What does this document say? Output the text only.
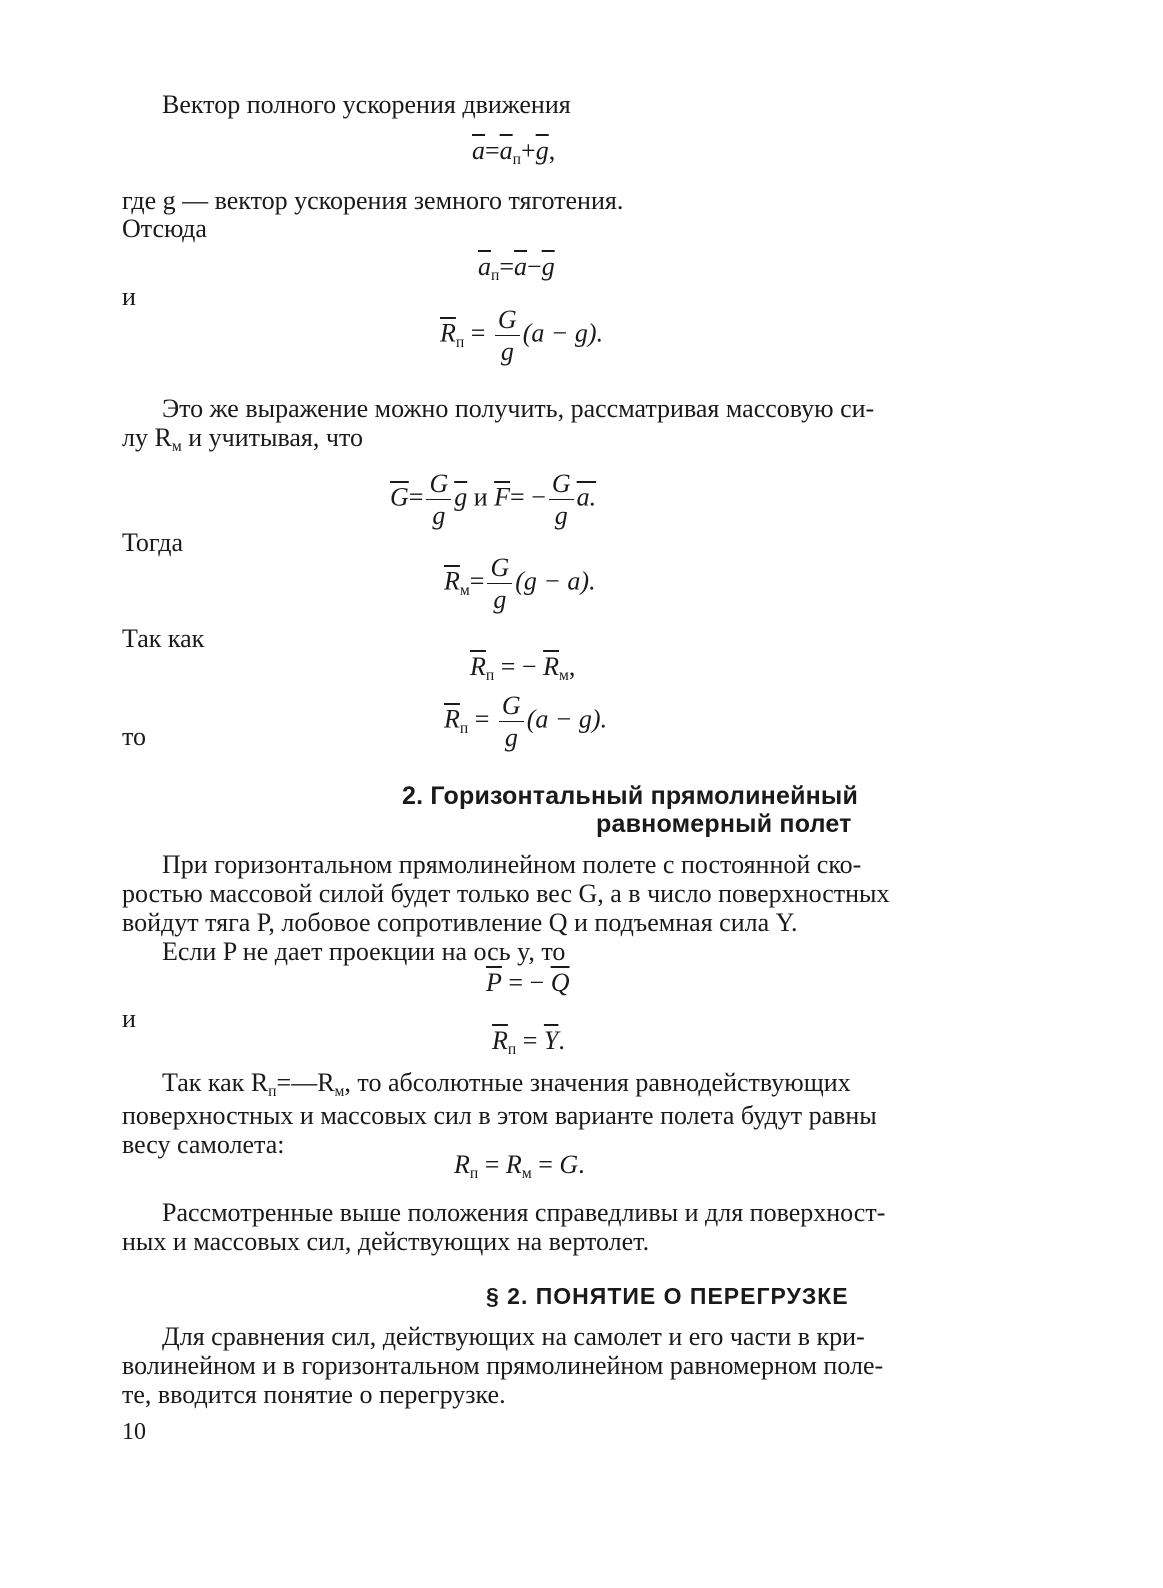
Вектор полного ускорения движения
$\overline{a}=\overline{a}_п+\overline{g}$,
где g — вектор ускорения земного тяготения.
Отсюда
$\overline{a}_п=\overline{a}-\overline{g}$
и
$\overline{R}_п = \frac{G}{g} (a - g)$.
Это же выражение можно получить, рассматривая массовую си-
лу $R_м$ и учитывая, что
$\overline{G}= \frac{G}{g} \overline{g}$ и $\overline{F}= - \frac{G}{g} a$.
Тогда
$\overline{R}_м= \frac{G}{g} (g - a)$.
Так как
$\overline{R}_п$ = − $\overline{R}_м$,
$\overline{R}_п = \frac{G}{g} (a - g)$.
то
2. Горизонтальный прямолинейный
равномерный полет
При горизонтальном прямолинейном полете с постоянной ско-
ростью массовой силой будет только вес G, а в число поверхностных
войдут тяга P, лобовое сопротивление Q и подъемная сила Y.
Если P не дает проекции на ось y, то
$\overline{P}$ = − $\overline{Q}$
и
$\overline{R}_п = \overline{Y}$.
Так как $R_п=—R_м$, то абсолютные значения равнодействующих
поверхностных и массовых сил в этом варианте полета будут равны
весу самолета:
$R_п = R_м = G$.
Рассмотренные выше положения справедливы и для поверхност-
ных и массовых сил, действующих на вертолет.
§ 2. ПОНЯТИЕ О ПЕРЕГРУЗКЕ
Для сравнения сил, действующих на самолет и его части в кри-
волинейном и в горизонтальном прямолинейном равномерном поле-
те, вводится понятие о перегрузке.
10
